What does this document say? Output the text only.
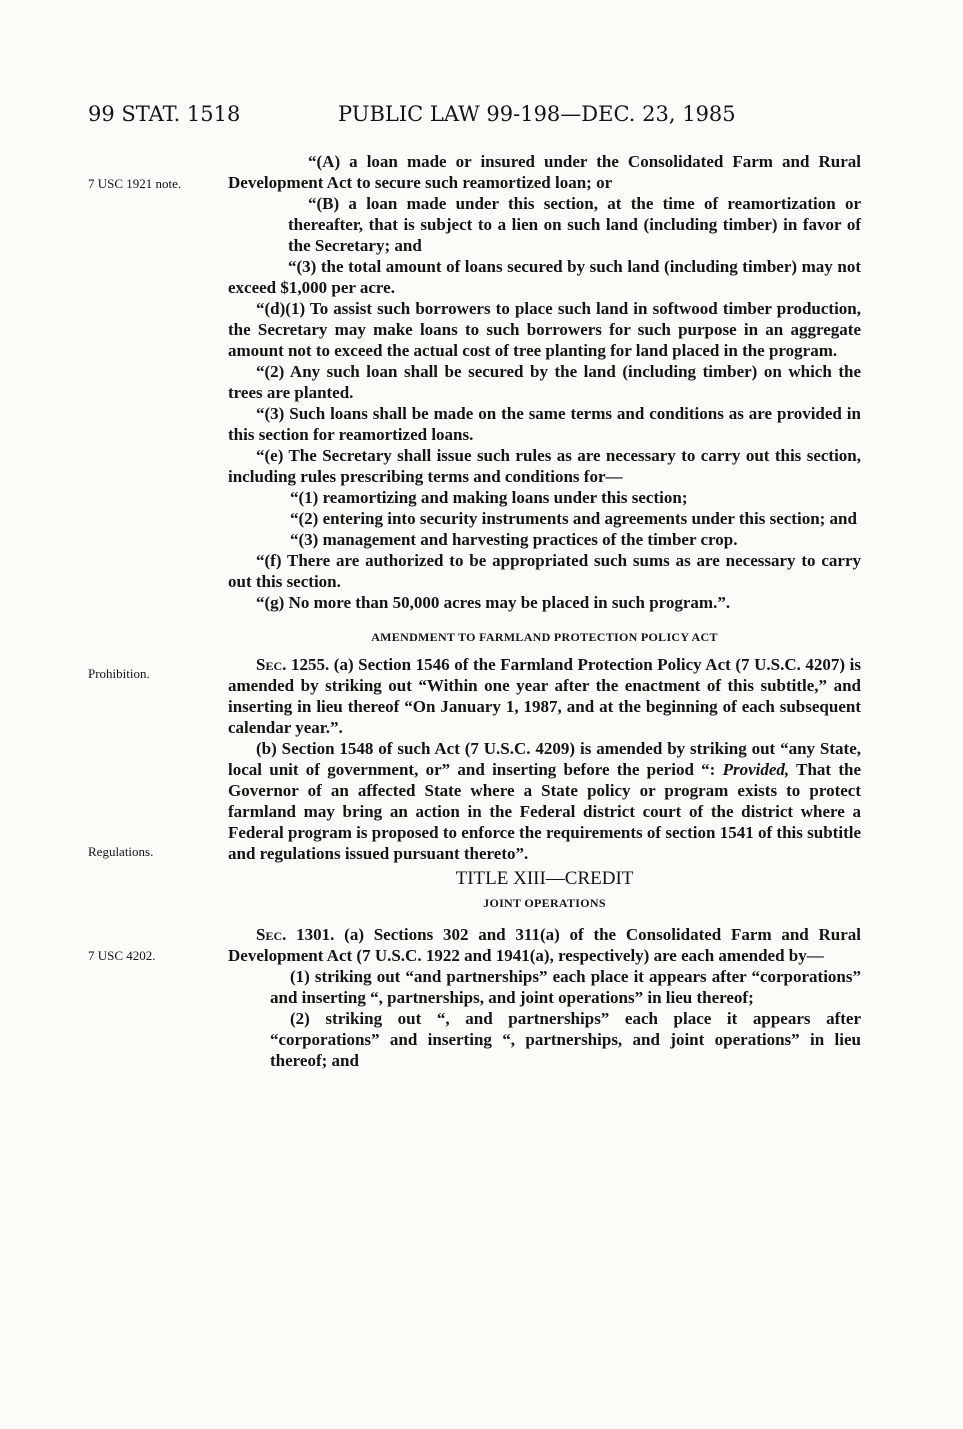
99 STAT. 1518	PUBLIC LAW 99-198—DEC. 23, 1985
7 USC 1921 note.
Prohibition.
Regulations.
7 USC 4202.

“(A) a loan made or insured under the Consolidated Farm and Rural Development Act to secure such reamortized loan; or

“(B) a loan made under this section, at the time of reamortization or thereafter, that is subject to a lien on such land (including timber) in favor of the Secretary; and

“(3) the total amount of loans secured by such land (including timber) may not exceed $1,000 per acre.

“(d)(1) To assist such borrowers to place such land in softwood timber production, the Secretary may make loans to such borrowers for such purpose in an aggregate amount not to exceed the actual cost of tree planting for land placed in the program.

“(2) Any such loan shall be secured by the land (including timber) on which the trees are planted.

“(3) Such loans shall be made on the same terms and conditions as are provided in this section for reamortized loans.

“(e) The Secretary shall issue such rules as are necessary to carry out this section, including rules prescribing terms and conditions for—

“(1) reamortizing and making loans under this section;

“(2) entering into security instruments and agreements under this section; and

“(3) management and harvesting practices of the timber crop.

“(f) There are authorized to be appropriated such sums as are necessary to carry out this section.

“(g) No more than 50,000 acres may be placed in such program.”.

AMENDMENT TO FARMLAND PROTECTION POLICY ACT

Sec. 1255. (a) Section 1546 of the Farmland Protection Policy Act (7 U.S.C. 4207) is amended by striking out “Within one year after the enactment of this subtitle,” and inserting in lieu thereof “On January 1, 1987, and at the beginning of each subsequent calendar year.”.

(b) Section 1548 of such Act (7 U.S.C. 4209) is amended by striking out “any State, local unit of government, or” and inserting before the period “: Provided, That the Governor of an affected State where a State policy or program exists to protect farmland may bring an action in the Federal district court of the district where a Federal program is proposed to enforce the requirements of section 1541 of this subtitle and regulations issued pursuant thereto”.

TITLE XIII—CREDIT
JOINT OPERATIONS

Sec. 1301. (a) Sections 302 and 311(a) of the Consolidated Farm and Rural Development Act (7 U.S.C. 1922 and 1941(a), respectively) are each amended by—

(1) striking out “and partnerships” each place it appears after “corporations” and inserting “, partnerships, and joint operations” in lieu thereof;

(2) striking out “, and partnerships” each place it appears after “corporations” and inserting “, partnerships, and joint operations” in lieu thereof; and
